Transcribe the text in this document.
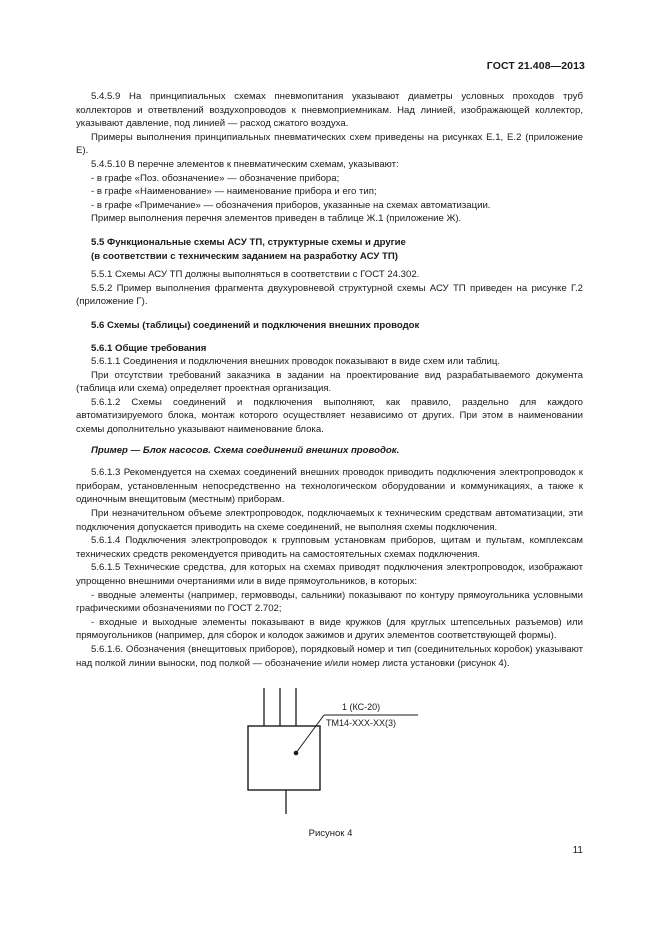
ГОСТ 21.408—2013

5.4.5.9 На принципиальных схемах пневмопитания указывают диаметры условных проходов труб коллекторов и ответвлений воздухопроводов к пневмоприемникам. Над линией, изображающей коллектор, указывают давление, под линией — расход сжатого воздуха.

Примеры выполнения принципиальных пневматических схем приведены на рисунках Е.1, Е.2 (приложение Е).

5.4.5.10 В перечне элементов к пневматическим схемам, указывают:

- в графе «Поз. обозначение» — обозначение прибора;

- в графе «Наименование» — наименование прибора и его тип;

- в графе «Примечание» — обозначения приборов, указанные на схемах автоматизации.

Пример выполнения перечня элементов приведен в таблице Ж.1 (приложение Ж).

5.5 Функциональные схемы АСУ ТП, структурные схемы и другие

(в соответствии с техническим заданием на разработку АСУ ТП)

5.5.1 Схемы АСУ ТП должны выполняться в соответствии с ГОСТ 24.302.

5.5.2 Пример выполнения фрагмента двухуровневой структурной схемы АСУ ТП приведен на рисунке Г.2 (приложение Г).

5.6 Схемы (таблицы) соединений и подключения внешних проводок

5.6.1 Общие требования

5.6.1.1 Соединения и подключения внешних проводок показывают в виде схем или таблиц.

При отсутствии требований заказчика в задании на проектирование вид разрабатываемого документа (таблица или схема) определяет проектная организация.

5.6.1.2 Схемы соединений и подключения выполняют, как правило, раздельно для каждого автоматизируемого блока, монтаж которого осуществляет независимо от других. При этом в наименовании схемы дополнительно указывают наименование блока.

Пример — Блок насосов. Схема соединений внешних проводок.

5.6.1.3 Рекомендуется на схемах соединений внешних проводок приводить подключения электропроводок к приборам, установленным непосредственно на технологическом оборудовании и коммуникациях, а также к одиночным внещитовым (местным) приборам.

При незначительном объеме электропроводок, подключаемых к техническим средствам автоматизации, эти подключения допускается приводить на схеме соединений, не выполняя схемы подключения.

5.6.1.4 Подключения электропроводок к групповым установкам приборов, щитам и пультам, комплексам технических средств рекомендуется приводить на самостоятельных схемах подключения.

5.6.1.5 Технические средства, для которых на схемах приводят подключения электропроводок, изображают упрощенно внешними очертаниями или в виде прямоугольников, в которых:

- вводные элементы (например, гермовводы, сальники) показывают по контуру прямоугольника условными графическими обозначениями по ГОСТ 2.702;

- входные и выходные элементы показывают в виде кружков (для круглых штепсельных разъемов) или прямоугольников (например, для сборок и колодок зажимов и других элементов соответствующей формы).

5.6.1.6. Обозначения (внещитовых приборов), порядковый номер и тип (соединительных коробок) указывают над полкой линии выноски, под полкой — обозначение и/или номер листа установки (рисунок 4).

1 (КС-20)
ТМ14-ХХХ-ХХ(3)
Рисунок 4
11
